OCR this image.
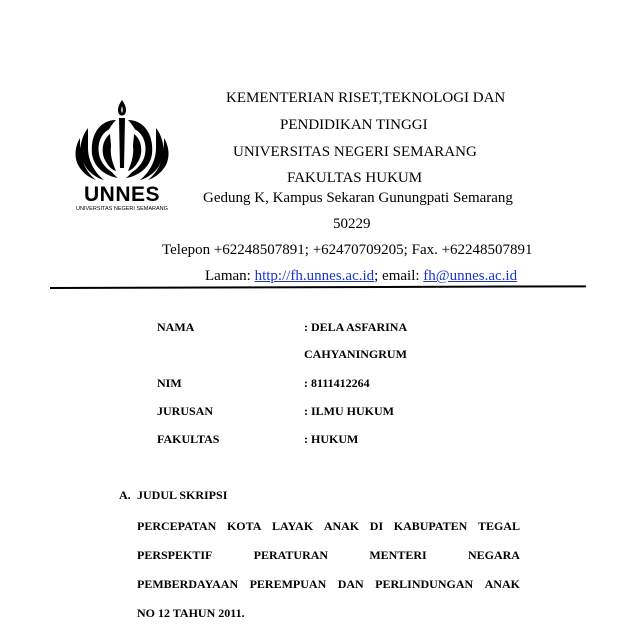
UNNES
UNIVERSITAS NEGERI SEMARANG
KEMENTERIAN RISET,TEKNOLOGI DAN
PENDIDIKAN TINGGI
UNIVERSITAS NEGERI SEMARANG
FAKULTAS HUKUM
Gedung K, Kampus Sekaran Gunungpati Semarang
50229
Telepon +62248507891; +62470709205; Fax. +62248507891
Laman: http://fh.unnes.ac.id; email: fh@unnes.ac.id
NAMA	: DELA ASFARINA
CAHYANINGRUM
NIM	: 8111412264
JURUSAN	: ILMU HUKUM
FAKULTAS	: HUKUM
A. JUDUL SKRIPSI
PERCEPATAN KOTA LAYAK ANAK DI KABUPATEN TEGAL
PERSPEKTIF	PERATURAN	MENTERI	NEGARA
PEMBERDAYAAN PEREMPUAN DAN PERLINDUNGAN ANAK
NO 12 TAHUN 2011.
